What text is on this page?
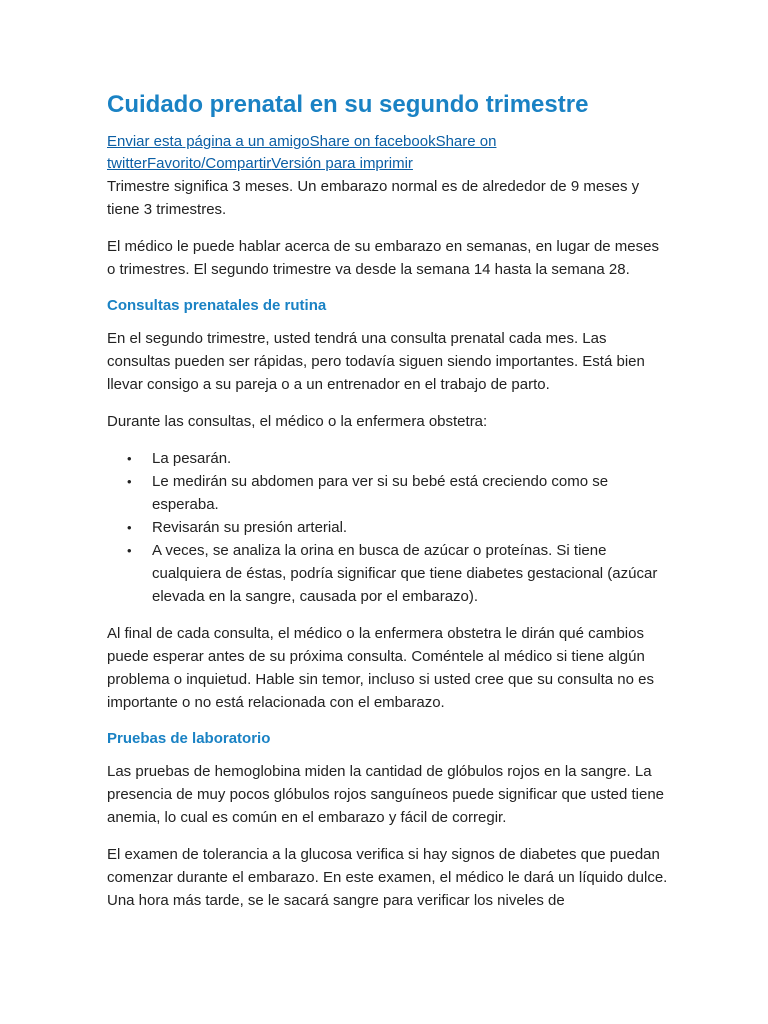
Cuidado prenatal en su segundo trimestre

Enviar esta página a un amigoShare on facebookShare on twitterFavorito/CompartirVersión para imprimir

Trimestre significa 3 meses. Un embarazo normal es de alrededor de 9 meses y tiene 3 trimestres.

El médico le puede hablar acerca de su embarazo en semanas, en lugar de meses o trimestres. El segundo trimestre va desde la semana 14 hasta la semana 28.

Consultas prenatales de rutina

En el segundo trimestre, usted tendrá una consulta prenatal cada mes. Las consultas pueden ser rápidas, pero todavía siguen siendo importantes. Está bien llevar consigo a su pareja o a un entrenador en el trabajo de parto.

Durante las consultas, el médico o la enfermera obstetra:

• La pesarán.
• Le medirán su abdomen para ver si su bebé está creciendo como se esperaba.
• Revisarán su presión arterial.
• A veces, se analiza la orina en busca de azúcar o proteínas. Si tiene cualquiera de éstas, podría significar que tiene diabetes gestacional (azúcar elevada en la sangre, causada por el embarazo).

Al final de cada consulta, el médico o la enfermera obstetra le dirán qué cambios puede esperar antes de su próxima consulta. Coméntele al médico si tiene algún problema o inquietud. Hable sin temor, incluso si usted cree que su consulta no es importante o no está relacionada con el embarazo.

Pruebas de laboratorio

Las pruebas de hemoglobina miden la cantidad de glóbulos rojos en la sangre. La presencia de muy pocos glóbulos rojos sanguíneos puede significar que usted tiene anemia, lo cual es común en el embarazo y fácil de corregir.

El examen de tolerancia a la glucosa verifica si hay signos de diabetes que puedan comenzar durante el embarazo. En este examen, el médico le dará un líquido dulce. Una hora más tarde, se le sacará sangre para verificar los niveles de
